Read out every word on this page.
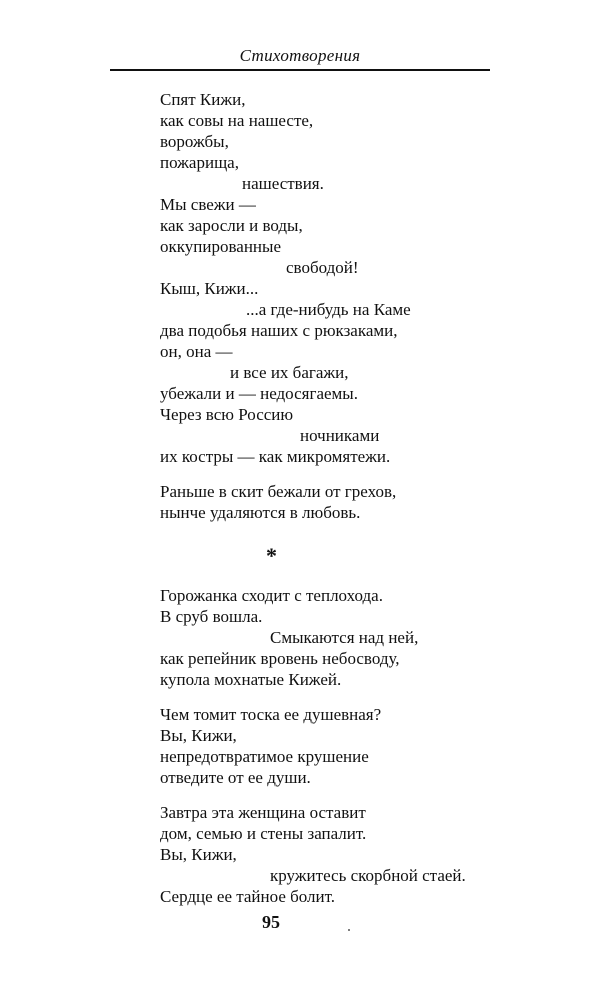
Стихотворения
Спят Кижи,
как совы на нашесте,
ворожбы,
пожарища,
нашествия.
Мы свежи —
как заросли и воды,
оккупированные
свободой!
Кыш, Кижи...
...а где-нибудь на Каме
два подобья наших с рюкзаками,
он, она —
и все их багажи,
убежали и — недосягаемы.
Через всю Россию
ночниками
их костры — как микромятежи.
Раньше в скит бежали от грехов,
нынче удаляются в любовь.
*
Горожанка сходит с теплохода.
В сруб вошла.
Смыкаются над ней,
как репейник вровень небосводу,
купола мохнатые Кижей.
Чем томит тоска ее душевная?
Вы, Кижи,
непредотвратимое крушение
отведите от ее души.
Завтра эта женщина оставит
дом, семью и стены запалит.
Вы, Кижи,
кружитесь скорбной стаей.
Сердце ее тайное болит.
95
